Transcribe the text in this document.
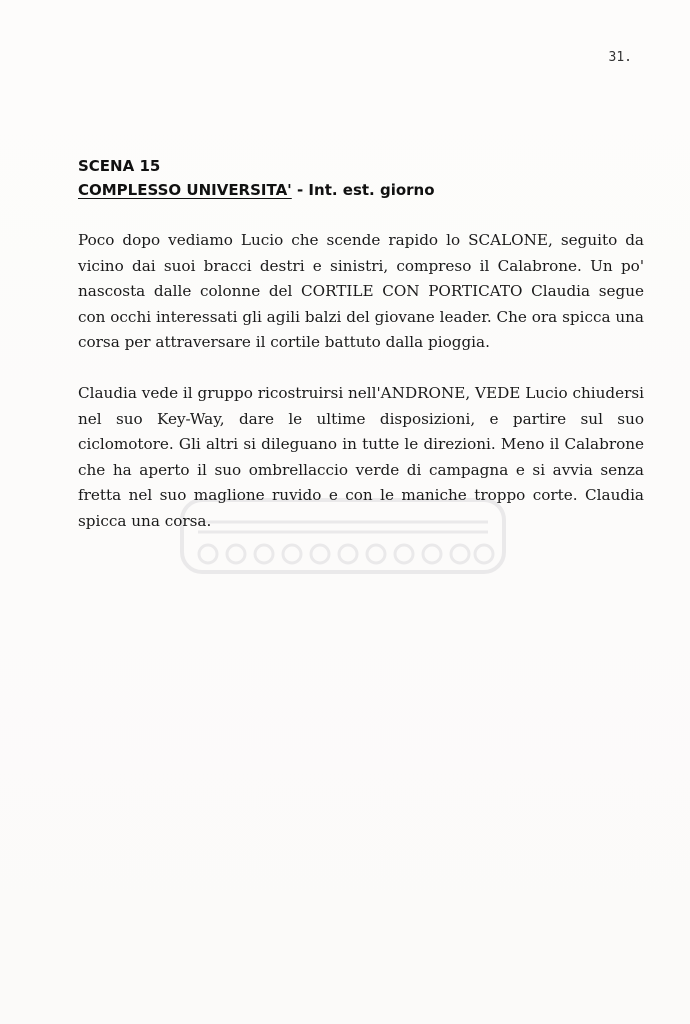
31.
SCENA 15
COMPLESSO UNIVERSITA' - Int. est. giorno

Poco dopo vediamo Lucio che scende rapido lo SCALONE, seguito da vicino dai suoi bracci destri e sinistri, compreso il Calabrone. Un po' nascosta dalle colonne del CORTILE CON PORTICATO Claudia segue con occhi interessati gli agili balzi del giovane leader. Che ora spicca una corsa per attraversare il cortile battuto dalla pioggia.

Claudia vede il gruppo ricostruirsi nell'ANDRONE, VEDE Lucio chiudersi nel suo Key-Way, dare le ultime disposizioni, e partire sul suo ciclomotore. Gli altri si dileguano in tutte le direzioni. Meno il Calabrone che ha aperto il suo ombrellaccio verde di campagna e si avvia senza fretta nel suo maglione ruvido e con le maniche troppo corte. Claudia spicca una corsa.
